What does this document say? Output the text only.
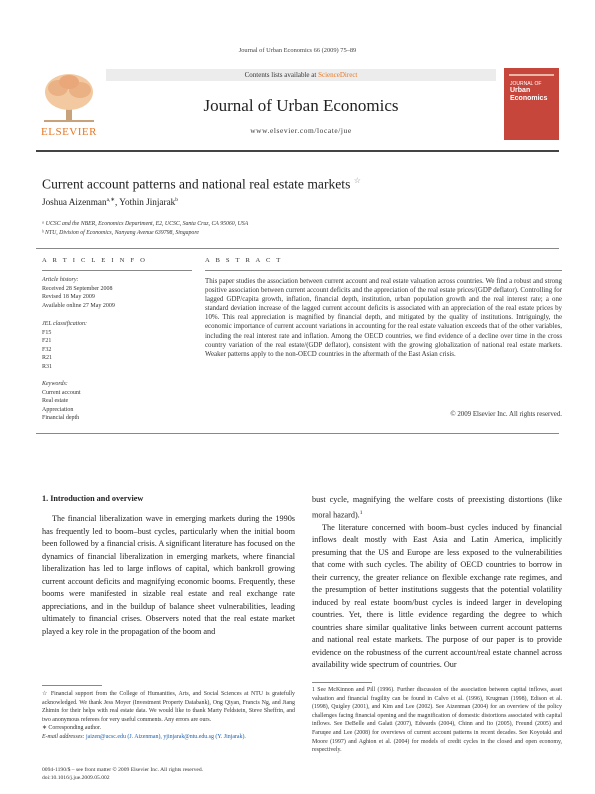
Journal of Urban Economics 66 (2009) 75–89
ELSEVIER
Contents lists available at ScienceDirect
Journal of Urban Economics
www.elsevier.com/locate/jue
JOURNAL OF
Urban
Economics
Current account patterns and national real estate markets ☆
Joshua Aizenman$^{a,∗}$, Yothin Jinjarak$^b$
ᵃ UCSC and the NBER, Economics Department, E2, UCSC, Santa Cruz, CA 95060, USA
ᵇ NTU, Division of Economics, Nanyang Avenue 639798, Singapore
A R T I C L E I N F O	A B S T R A C T
Article history:
Received 28 September 2008
Revised 18 May 2009
Available online 27 May 2009
JEL classification:
F15
F21
F32
R21
R31
Keywords:
Current account
Real estate
Appreciation
Financial depth
This paper studies the association between current account and real estate valuation across countries. We find a robust and strong positive association between current account deficits and the appreciation of the real estate prices/(GDP deflator). Controlling for lagged GDP/capita growth, inflation, financial depth, institution, urban population growth and the real interest rate; a one standard deviation increase of the lagged current account deficits is associated with an appreciation of the real estate prices by 10%. This real appreciation is magnified by financial depth, and mitigated by the quality of institutions. Intriguingly, the economic importance of current account variations in accounting for the real estate valuation exceeds that of the other variables, including the real interest rate and inflation. Among the OECD countries, we find evidence of a decline over time in the cross country variation of the real estate/(GDP deflator), consistent with the growing globalization of national real estate markets. Weaker patterns apply to the non-OECD countries in the aftermath of the East Asian crisis.
© 2009 Elsevier Inc. All rights reserved.
1. Introduction and overview

The financial liberalization wave in emerging markets during the 1990s has frequently led to boom–bust cycles, particularly when the initial boom been followed by a financial crisis. A significant literature has focused on the dynamics of financial liberalization in emerging markets, where financial liberalization has led to large inflows of capital, which bankroll growing current account deficits and magnifying economic booms. Frequently, these booms were manifested in sizable real estate and real exchange rate appreciations, and in the buildup of balance sheet vulnerabilities, leading ultimately to financial crises. Observers noted that the real estate market played a key role in the propagation of the boom and

bust cycle, magnifying the welfare costs of preexisting distortions (like moral hazard).$^1$

The literature concerned with boom–bust cycles induced by financial inflows dealt mostly with East Asia and Latin America, implicitly presuming that the US and Europe are less exposed to the vulnerabilities that come with such cycles. The ability of OECD countries to borrow in their currency, the greater reliance on flexible exchange rate regimes, and the presumption of better institutions suggests that the potential volatility induced by real estate boom/bust cycles is indeed larger in developing countries. Yet, there is little evidence regarding the degree to which countries share similar qualitative links between current account patterns and national real estate markets. The purpose of our paper is to provide evidence on the robustness of the current account/real estate channel across availability wide spectrum of countries. Our

☆ Financial support from the College of Humanities, Arts, and Social Sciences at NTU is gratefully acknowledged. We thank Jess Moyer (Investment Property Databank), Ong Qiyan, Francis Ng, and Jiang Zhimin for their helps with real estate data. We would like to thank Marty Feldstein, Steve Sheffrin, and two anonymous referees for very useful comments. Any errors are ours.

∗ Corresponding author.

E-mail addresses: jaizen@ucsc.edu (J. Aizenman), yjinjarak@ntu.edu.sg (Y. Jinjarak).

1 See McKinnon and Pill (1996). Further discussion of the association between capital inflows, asset valuation and financial fragility can be found in Calvo et al. (1996), Krugman (1998), Edison et al. (1998), Quigley (2001), and Kim and Lee (2002). See Aizenman (2004) for an overview of the policy challenges facing financial opening and the magnification of domestic distortions associated with capital inflows. See DeBelle and Galati (2007), Edwards (2004), Chinn and Ito (2005), Freund (2005) and Faruqee and Lee (2008) for overviews of current account patterns in recent decades. See Koyotaki and Moore (1997) and Aghion et al. (2004) for models of credit cycles in the closed and open economy, respectively.

0094-1190/$ – see front matter © 2009 Elsevier Inc. All rights reserved.
doi:10.1016/j.jue.2009.05.002
